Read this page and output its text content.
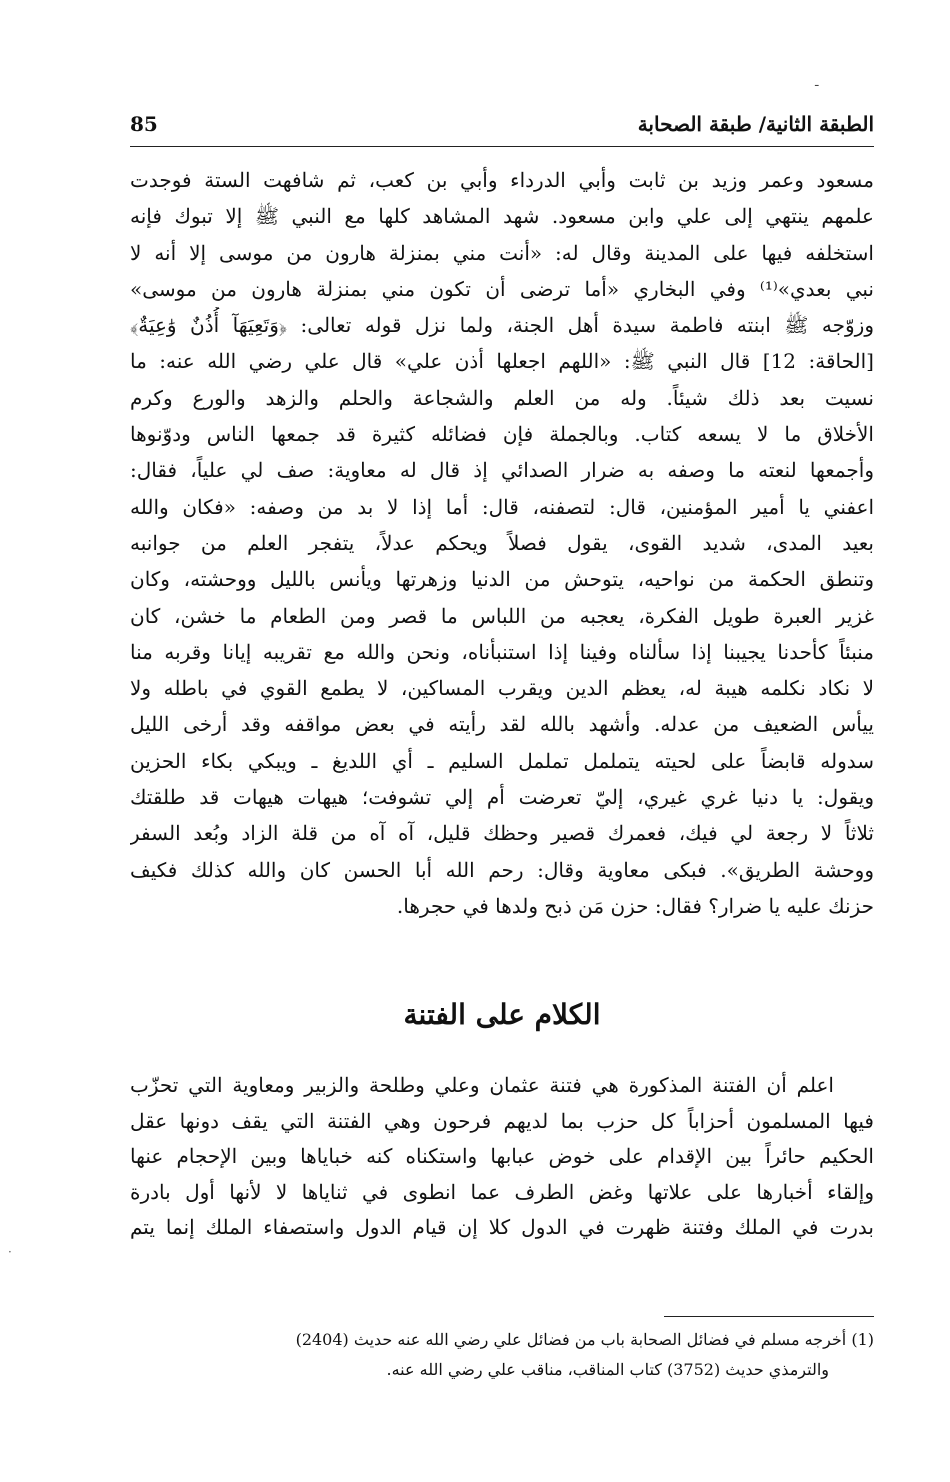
ـ
·
الطبقة الثانية/ طبقة الصحابة
85
مسعود وعمر وزيد بن ثابت وأبي الدرداء وأبي بن كعب، ثم شافهت الستة فوجدت
علمهم ينتهي إلى علي وابن مسعود. شهد المشاهد كلها مع النبي ﷺ إلا تبوك فإنه
استخلفه فيها على المدينة وقال له: «أنت مني بمنزلة هارون من موسى إلا أنه لا
نبي بعدي»⁽¹⁾ وفي البخاري «أما ترضى أن تكون مني بمنزلة هارون من موسى»
وزوّجه ﷺ ابنته فاطمة سيدة أهل الجنة، ولما نزل قوله تعالى: ﴿وَتَعِيَهَآ أُذُنٌ وَٰعِيَةٌ﴾
[الحاقة: 12] قال النبي ﷺ: «اللهم اجعلها أذن علي» قال علي رضي الله عنه: ما
نسيت بعد ذلك شيئاً. وله من العلم والشجاعة والحلم والزهد والورع وكرم
الأخلاق ما لا يسعه كتاب. وبالجملة فإن فضائله كثيرة قد جمعها الناس ودوّنوها
وأجمعها لنعته ما وصفه به ضرار الصدائي إذ قال له معاوية: صف لي علياً، فقال:
اعفني يا أمير المؤمنين، قال: لتصفنه، قال: أما إذا لا بد من وصفه: «فكان والله
بعيد المدى، شديد القوى، يقول فصلاً ويحكم عدلاً، يتفجر العلم من جوانبه
وتنطق الحكمة من نواحيه، يتوحش من الدنيا وزهرتها ويأنس بالليل ووحشته، وكان
غزير العبرة طويل الفكرة، يعجبه من اللباس ما قصر ومن الطعام ما خشن، كان
منبئاً كأحدنا يجيبنا إذا سألناه وفينا إذا استنبأناه، ونحن والله مع تقريبه إيانا وقربه منا
لا نكاد نكلمه هيبة له، يعظم الدين ويقرب المساكين، لا يطمع القوي في باطله ولا
ييأس الضعيف من عدله. وأشهد بالله لقد رأيته في بعض مواقفه وقد أرخى الليل
سدوله قابضاً على لحيته يتململ تململ السليم ـ أي اللديغ ـ ويبكي بكاء الحزين
ويقول: يا دنيا غري غيري، إليّ تعرضت أم إلي تشوفت؛ هيهات هيهات قد طلقتك
ثلاثاً لا رجعة لي فيك، فعمرك قصير وحظك قليل، آه آه من قلة الزاد وبُعد السفر
ووحشة الطريق». فبكى معاوية وقال: رحم الله أبا الحسن كان والله كذلك فكيف
حزنك عليه يا ضرار؟ فقال: حزن مَن ذبح ولدها في حجرها.
الكلام على الفتنة
اعلم أن الفتنة المذكورة هي فتنة عثمان وعلي وطلحة والزبير ومعاوية التي تحزّب
فيها المسلمون أحزاباً كل حزب بما لديهم فرحون وهي الفتنة التي يقف دونها عقل
الحكيم حائراً بين الإقدام على خوض عبابها واستكناه كنه خباياها وبين الإحجام عنها
وإلقاء أخبارها على علاتها وغض الطرف عما انطوى في ثناياها لا لأنها أول بادرة
بدرت في الملك وفتنة ظهرت في الدول كلا إن قيام الدول واستصفاء الملك إنما يتم
(1) أخرجه مسلم في فضائل الصحابة باب من فضائل علي رضي الله عنه حديث (2404)
والترمذي حديث (3752) كتاب المناقب، مناقب علي رضي الله عنه.
